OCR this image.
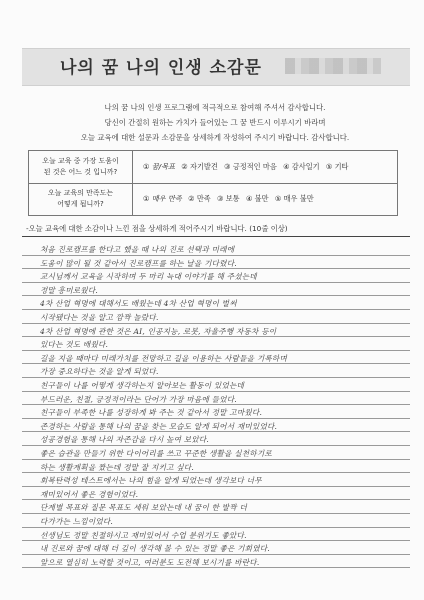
나의 꿈 나의 인생 소감문
나의 꿈 나의 인생 프로그램에 적극적으로 참여해 주셔서 감사합니다.
당신이 간절히 원하는 가치가 들어있는 그 꿈 반드시 이루시기 바라며
오늘 교육에 대한 설문과 소감문을 상세하게 작성하여 주시기 바랍니다. 감사합니다.
오늘 교육 중 가장 도움이
된 것은 어느 것 입니까?
① 꿈/목표 ② 자기발견 ③ 긍정적인 마음 ④ 감사일기 ⑤ 기타
오늘 교육의 만족도는
어떻게 됩니까?
① 매우 만족 ② 만족 ③ 보통 ④ 불만 ⑤ 매우 불만
-오늘 교육에 대한 소감이나 느낀 점을 상세하게 적어주시기 바랍니다. (10줄 이상)
처음 진로캠프를 한다고 했을 때 나의 진로 선택과 미래에
도움이 많이 될 것 같아서 진로캠프를 하는 날을 기다렸다.
교시님께서 교육을 시작하며 두 마리 늑대 이야기를 해 주셨는데
정말 흥미로웠다.
4차 산업 혁명에 대해서도 배웠는데 4차 산업 혁명이 벌써
시작됐다는 것을 알고 깜짝 놀랐다.
4차 산업 혁명에 관한 것은 AI, 인공지능, 로봇, 자율주행 자동차 등이
있다는 것도 배웠다.
길을 지을 때마다 미래가치를 전망하고 길을 이용하는 사람들을 기록하며
가장 중요하다는 것을 알게 되었다.
친구들이 나를 어떻게 생각하는지 알아보는 활동이 있었는데
부드러운, 친절, 긍정적이라는 단어가 가장 마음에 들었다.
친구들이 부족한 나를 성장하게 봐 주는 것 같아서 정말 고마웠다.
존경하는 사람을 통해 나의 꿈을 찾는 모습도 알게 되어서 재미있었다.
성공경험을 통해 나의 자존감을 다시 높여 보았다.
좋은 습관을 만들기 위한 다이어리를 쓰고 꾸준한 생활을 실천하기로
하는 생활계획을 짰는데 정말 잘 지키고 싶다.
회복탄력성 테스트에서는 나의 힘을 알게 되었는데 생각보다 너무
재미있어서 좋은 경험이었다.
단계별 목표와 질문 목표도 세워 보았는데 내 꿈이 한 발짝 더
다가가는 느낌이었다.
선생님도 정말 친절하시고 재미있어서 수업 분위기도 좋았다.
내 진로와 꿈에 대해 더 깊이 생각해 볼 수 있는 정말 좋은 기회였다.
앞으로 열심히 노력할 것이고, 여러분도 도전해 보시기를 바란다.
